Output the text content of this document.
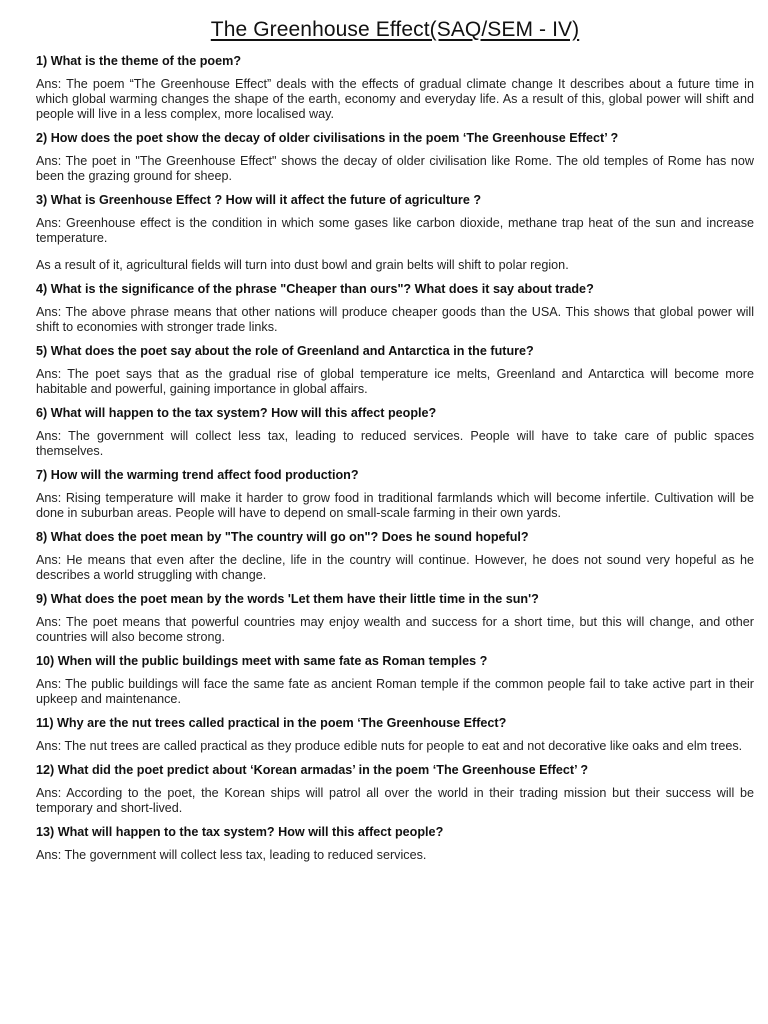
The Greenhouse Effect(SAQ/SEM - IV)

1) What is the theme of the poem?

Ans: The poem “The Greenhouse Effect” deals with the effects of gradual climate change It describes about a future time in which global warming changes the shape of the earth, economy and everyday life. As a result of this, global power will shift and people will live in a less complex, more localised way.

2) How does the poet show the decay of older civilisations in the poem ‘The Greenhouse Effect’ ?

Ans: The poet in "The Greenhouse Effect" shows the decay of older civilisation like Rome. The old temples of Rome has now been the grazing ground for sheep.

3) What is Greenhouse Effect ? How will it affect the future of agriculture ?

Ans: Greenhouse effect is the condition in which some gases like carbon dioxide, methane trap heat of the sun and increase temperature.

As a result of it, agricultural fields will turn into dust bowl and grain belts will shift to polar region.

4) What is the significance of the phrase "Cheaper than ours"? What does it say about trade?

Ans: The above phrase means that other nations will produce cheaper goods than the USA. This shows that global power will shift to economies with stronger trade links.

5) What does the poet say about the role of Greenland and Antarctica in the future?

Ans: The poet says that as the gradual rise of global temperature ice melts, Greenland and Antarctica will become more habitable and powerful, gaining importance in global affairs.

6) What will happen to the tax system? How will this affect people?

Ans: The government will collect less tax, leading to reduced services. People will have to take care of public spaces themselves.

7) How will the warming trend affect food production?

Ans: Rising temperature will make it harder to grow food in traditional farmlands which will become infertile. Cultivation will be done in suburban areas. People will have to depend on small-scale farming in their own yards.

8) What does the poet mean by "The country will go on"? Does he sound hopeful?

Ans: He means that even after the decline, life in the country will continue. However, he does not sound very hopeful as he describes a world struggling with change.

9) What does the poet mean by the words 'Let them have their little time in the sun'?

Ans: The poet means that powerful countries may enjoy wealth and success for a short time, but this will change, and other countries will also become strong.

10) When will the public buildings meet with same fate as Roman temples ?

Ans: The public buildings will face the same fate as ancient Roman temple if the common people fail to take active part in their upkeep and maintenance.

11) Why are the nut trees called practical in the poem ‘The Greenhouse Effect?

Ans: The nut trees are called practical as they produce edible nuts for people to eat and not decorative like oaks and elm trees.

12) What did the poet predict about ‘Korean armadas’ in the poem ‘The Greenhouse Effect’ ?

Ans: According to the poet, the Korean ships will patrol all over the world in their trading mission but their success will be temporary and short-lived.

13) What will happen to the tax system? How will this affect people?

Ans: The government will collect less tax, leading to reduced services.
